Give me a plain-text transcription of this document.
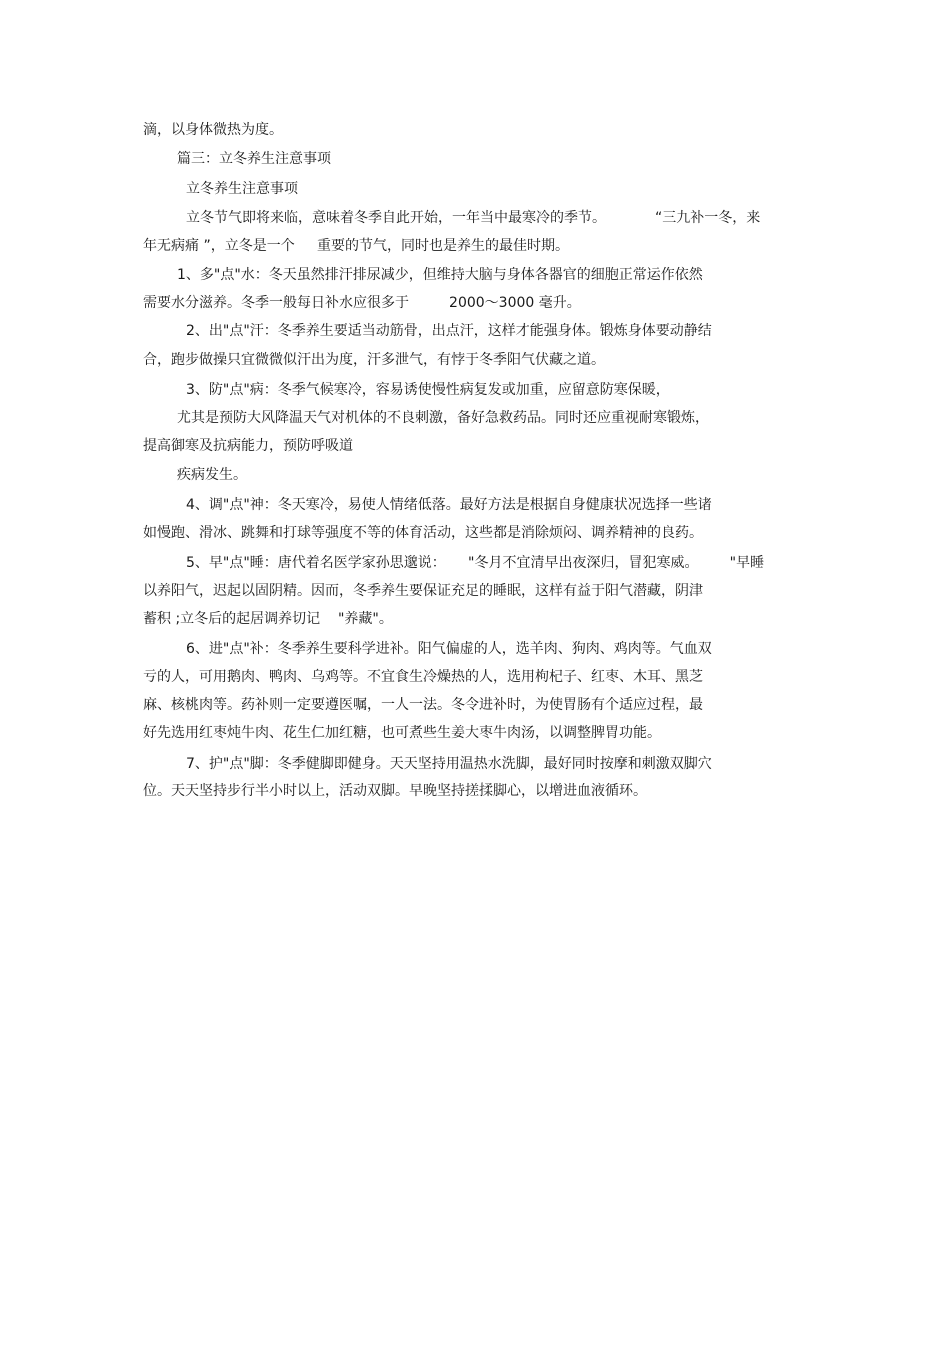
滴，以身体微热为度。
篇三：立冬养生注意事项
立冬养生注意事项
立冬节气即将来临，意味着冬季自此开始，一年当中最寒冷的季节。           “三九补一冬，来
年无病痛 ”，立冬是一个     重要的节气，同时也是养生的最佳时期。
1、多"点"水：冬天虽然排汗排尿减少，但维持大脑与身体各器官的细胞正常运作依然
需要水分滋养。冬季一般每日补水应很多于         2000～3000 毫升。
2、出"点"汗：冬季养生要适当动筋骨，出点汗，这样才能强身体。锻炼身体要动静结
合，跑步做操只宜微微似汗出为度，汗多泄气，有悖于冬季阳气伏藏之道。
3、防"点"病：冬季气候寒冷，容易诱使慢性病复发或加重，应留意防寒保暖，
尤其是预防大风降温天气对机体的不良刺激，备好急救药品。同时还应重视耐寒锻炼，
提高御寒及抗病能力，预防呼吸道
疾病发生。
4、调"点"神：冬天寒冷，易使人情绪低落。最好方法是根据自身健康状况选择一些诸
如慢跑、滑冰、跳舞和打球等强度不等的体育活动，这些都是消除烦闷、调养精神的良药。
5、早"点"睡：唐代着名医学家孙思邈说：     "冬月不宜清早出夜深归，冒犯寒威。       "早睡
以养阳气，迟起以固阴精。因而，冬季养生要保证充足的睡眠，这样有益于阳气潜藏，阴津
蓄积 ;立冬后的起居调养切记    "养藏"。
6、进"点"补：冬季养生要科学进补。阳气偏虚的人，选羊肉、狗肉、鸡肉等。气血双
亏的人，可用鹅肉、鸭肉、乌鸡等。不宜食生冷燥热的人，选用枸杞子、红枣、木耳、黑芝
麻、核桃肉等。药补则一定要遵医嘱，一人一法。冬令进补时，为使胃肠有个适应过程，最
好先选用红枣炖牛肉、花生仁加红糖，也可煮些生姜大枣牛肉汤，以调整脾胃功能。
7、护"点"脚：冬季健脚即健身。天天坚持用温热水洗脚，最好同时按摩和刺激双脚穴
位。天天坚持步行半小时以上，活动双脚。早晚坚持搓揉脚心，以增进血液循环。
